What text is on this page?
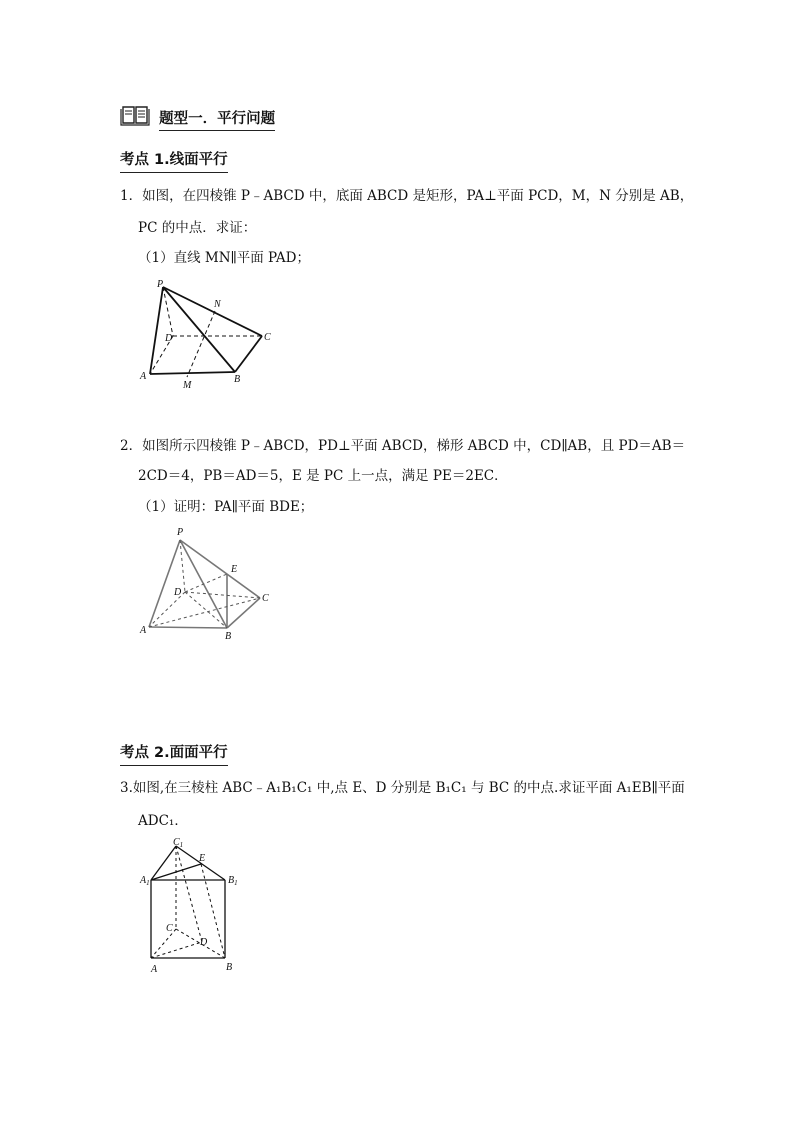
题型一．平行问题
考点 1.线面平行
1．如图，在四棱锥 P﹣ABCD 中，底面 ABCD 是矩形，PA⊥平面 PCD，M，N 分别是 AB，
PC 的中点．求证：
（1）直线 MN∥平面 PAD；
P
N
D	C
A
M
B
2．如图所示四棱锥 P﹣ABCD，PD⊥平面 ABCD，梯形 ABCD 中，CD∥AB，且 PD＝AB＝
2CD＝4，PB＝AD＝5，E 是 PC 上一点，满足 PE＝2EC．
（1）证明：PA∥平面 BDE；
P
E
D
C
A
B
考点 2.面面平行
3.如图,在三棱柱 ABC﹣A₁B₁C₁ 中,点 E、D 分别是 B₁C₁ 与 BC 的中点.求证平面 A₁EB∥平面
ADC₁．
$C_1$
E
$A_1$	$B_1$
C
D
A	B
